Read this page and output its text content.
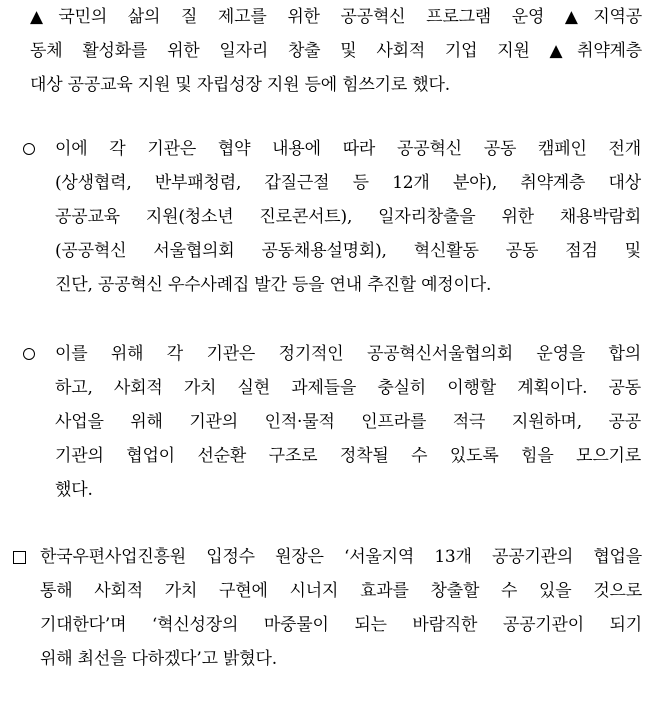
▲국민의 삶의 질 제고를 위한 공공혁신 프로그램 운영 ▲지역공
동체 활성화를 위한 일자리 창출 및 사회적 기업 지원 ▲취약계층
대상 공공교육 지원 및 자립성장 지원 등에 힘쓰기로 했다.
이에 각 기관은 협약 내용에 따라 공공혁신 공동 캠페인 전개
(상생협력, 반부패청렴, 갑질근절 등 12개 분야), 취약계층 대상
공공교육 지원(청소년 진로콘서트), 일자리창출을 위한 채용박람회
(공공혁신 서울협의회 공동채용설명회), 혁신활동 공동 점검 및
진단, 공공혁신 우수사례집 발간 등을 연내 추진할 예정이다.
이를 위해 각 기관은 정기적인 공공혁신서울협의회 운영을 합의
하고, 사회적 가치 실현 과제들을 충실히 이행할 계획이다. 공동
사업을 위해 기관의 인적·물적 인프라를 적극 지원하며, 공공
기관의 협업이 선순환 구조로 정착될 수 있도록 힘을 모으기로
했다.
한국우편사업진흥원 입정수 원장은 ‘서울지역 13개 공공기관의 협업을
통해 사회적 가치 구현에 시너지 효과를 창출할 수 있을 것으로
기대한다’며 ‘혁신성장의 마중물이 되는 바람직한 공공기관이 되기
위해 최선을 다하겠다’고 밝혔다.
